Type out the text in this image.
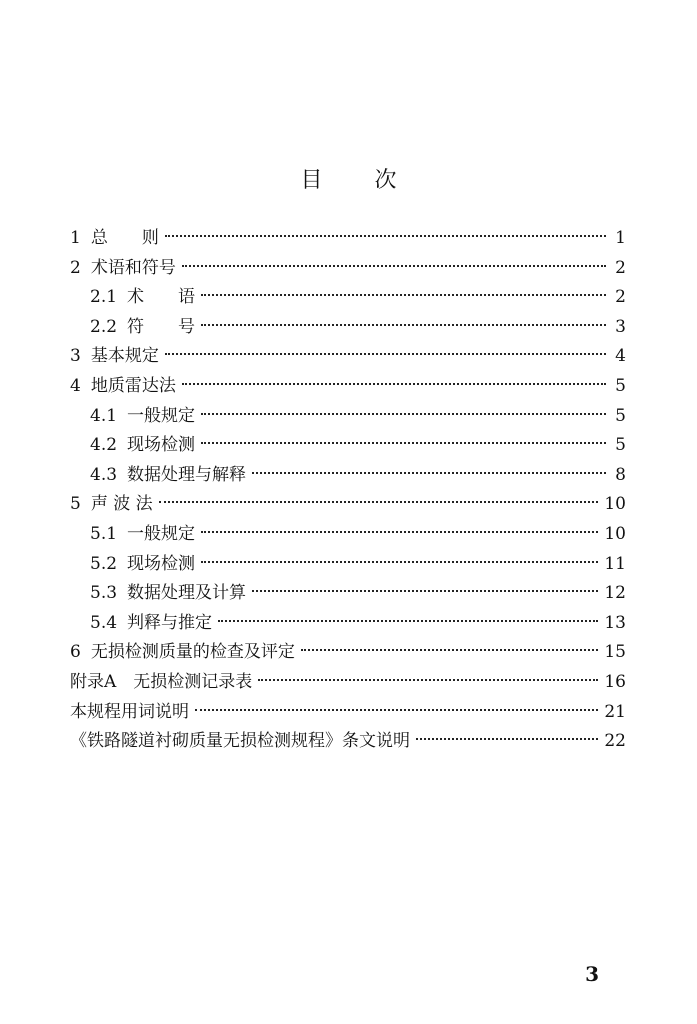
目 次
1 总　　则	1
2 术语和符号	2
2.1 术　　语	2
2.2 符　　号	3
3 基本规定	4
4 地质雷达法	5
4.1 一般规定	5
4.2 现场检测	5
4.3 数据处理与解释	8
5 声 波 法	10
5.1 一般规定	10
5.2 现场检测	11
5.3 数据处理及计算	12
5.4 判释与推定	13
6 无损检测质量的检查及评定	15
附录A　无损检测记录表	16
本规程用词说明	21
《铁路隧道衬砌质量无损检测规程》条文说明	22
3
